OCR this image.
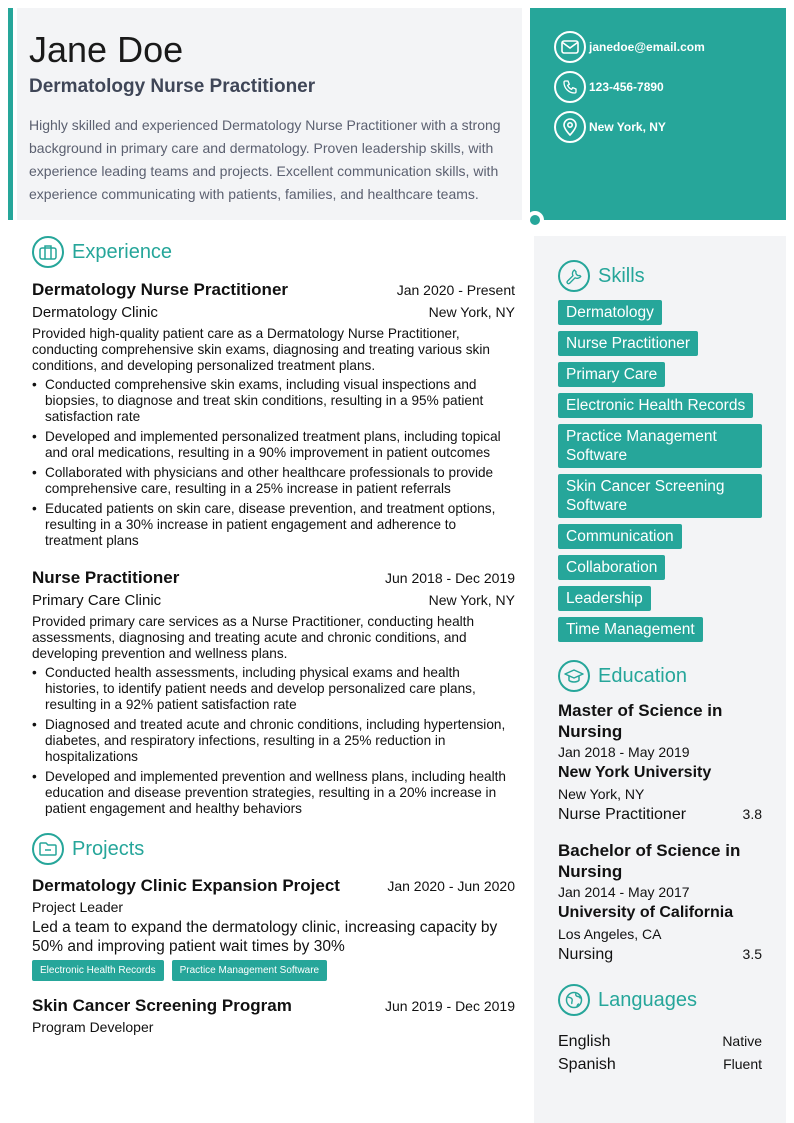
Jane Doe
Dermatology Nurse Practitioner
Highly skilled and experienced Dermatology Nurse Practitioner with a strong background in primary care and dermatology. Proven leadership skills, with experience leading teams and projects. Excellent communication skills, with experience communicating with patients, families, and healthcare teams.
janedoe@email.com
123-456-7890
New York, NY
Experience
Dermatology Nurse Practitioner	Jan 2020 - Present
Dermatology Clinic	New York, NY
Provided high-quality patient care as a Dermatology Nurse Practitioner, conducting comprehensive skin exams, diagnosing and treating various skin conditions, and developing personalized treatment plans.
• Conducted comprehensive skin exams, including visual inspections and biopsies, to diagnose and treat skin conditions, resulting in a 95% patient satisfaction rate
• Developed and implemented personalized treatment plans, including topical and oral medications, resulting in a 90% improvement in patient outcomes
• Collaborated with physicians and other healthcare professionals to provide comprehensive care, resulting in a 25% increase in patient referrals
• Educated patients on skin care, disease prevention, and treatment options, resulting in a 30% increase in patient engagement and adherence to treatment plans
Nurse Practitioner	Jun 2018 - Dec 2019
Primary Care Clinic	New York, NY
Provided primary care services as a Nurse Practitioner, conducting health assessments, diagnosing and treating acute and chronic conditions, and developing prevention and wellness plans.
• Conducted health assessments, including physical exams and health histories, to identify patient needs and develop personalized care plans, resulting in a 92% patient satisfaction rate
• Diagnosed and treated acute and chronic conditions, including hypertension, diabetes, and respiratory infections, resulting in a 25% reduction in hospitalizations
• Developed and implemented prevention and wellness plans, including health education and disease prevention strategies, resulting in a 20% increase in patient engagement and healthy behaviors
Projects
Dermatology Clinic Expansion Project	Jan 2020 - Jun 2020
Project Leader
Led a team to expand the dermatology clinic, increasing capacity by 50% and improving patient wait times by 30%
Electronic Health Records	Practice Management Software
Skin Cancer Screening Program	Jun 2019 - Dec 2019
Program Developer
Skills
Dermatology
Nurse Practitioner
Primary Care
Electronic Health Records
Practice Management Software
Skin Cancer Screening Software
Communication
Collaboration
Leadership
Time Management
Education
Master of Science in Nursing
Jan 2018 - May 2019
New York University
New York, NY
Nurse Practitioner	3.8
Bachelor of Science in Nursing
Jan 2014 - May 2017
University of California
Los Angeles, CA
Nursing	3.5
Languages
English	Native
Spanish	Fluent
